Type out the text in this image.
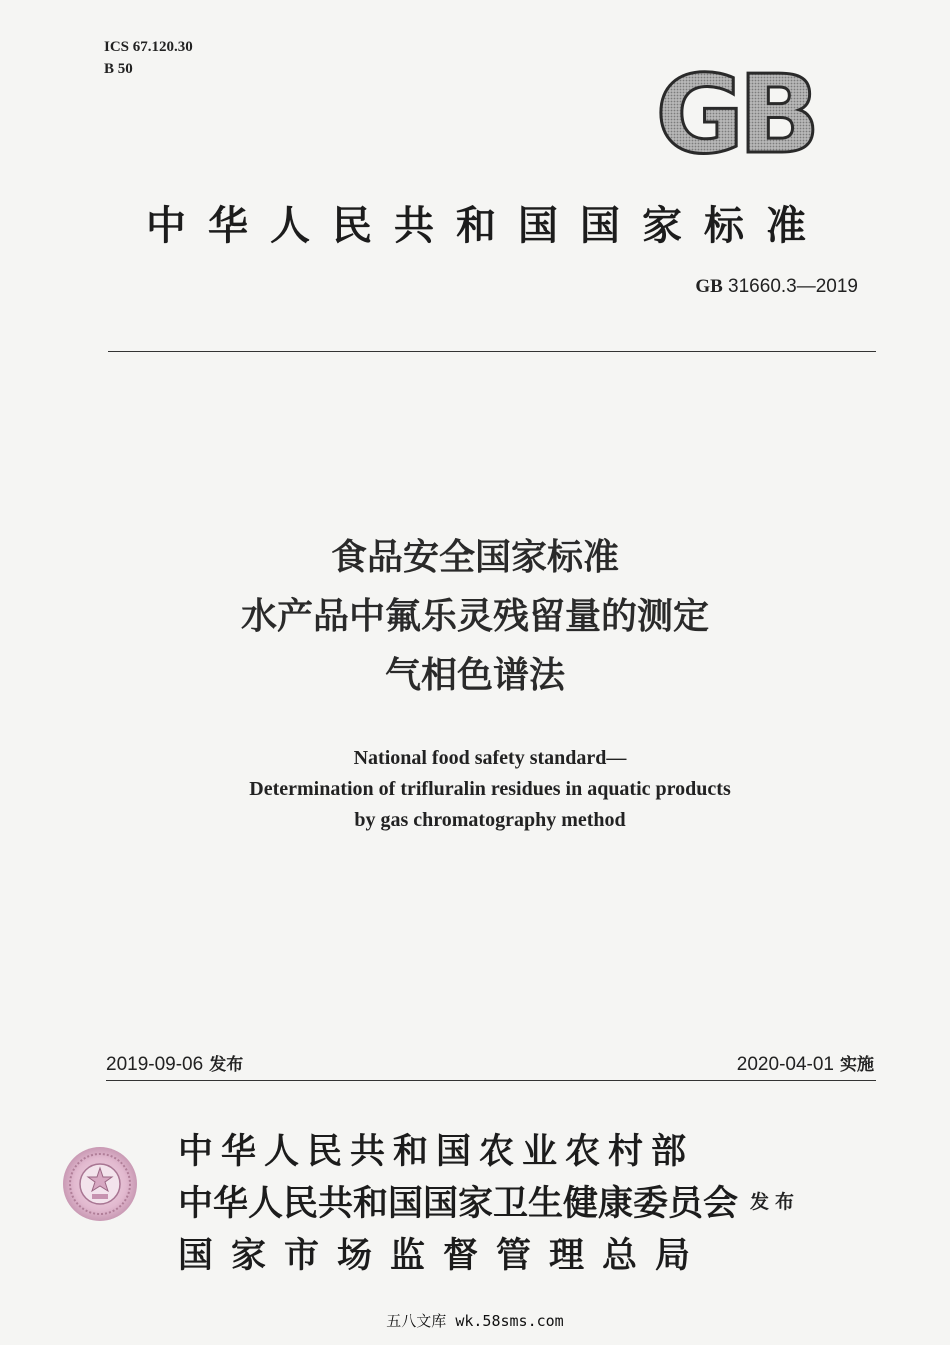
ICS 67.120.30
B 50	GB
中华人民共和国国家标准
GB 31660.3—2019
食品安全国家标准
水产品中氟乐灵残留量的测定
气相色谱法
National food safety standard—
Determination of trifluralin residues in aquatic products
by gas chromatography method
2019-09-06 发布	2020-04-01 实施
中华人民共和国农业农村部
中华人民共和国国家卫生健康委员会
国家市场监督管理总局
发布
五八文库 wk.58sms.com
